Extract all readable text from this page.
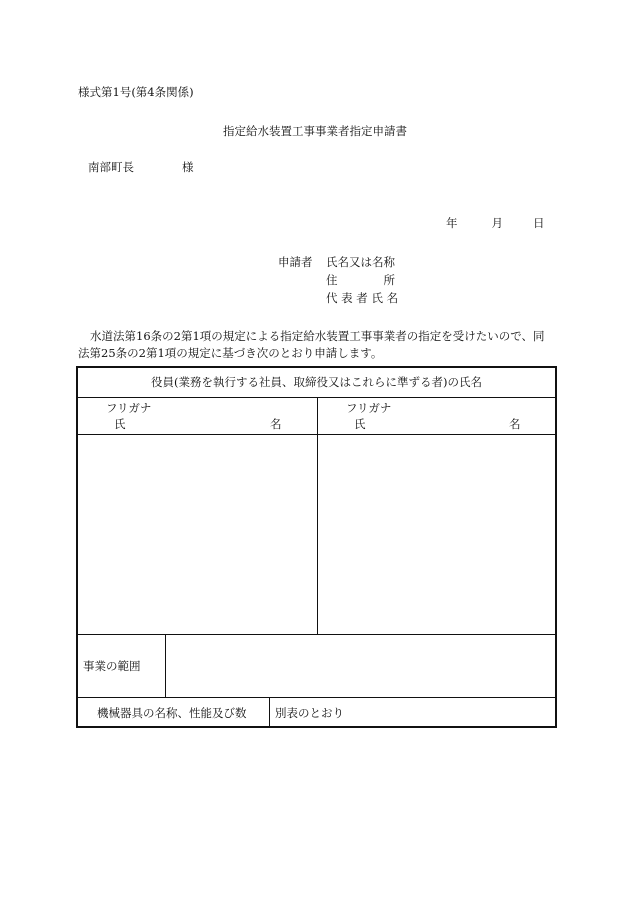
様式第1号(第4条関係)
指定給水装置工事事業者指定申請書
南部町長	様
年	月	日
申請者 氏名又は名称
住	所
代 表 者 氏 名
水道法第16条の2第1項の規定による指定給水装置工事事業者の指定を受けたいので、同法第25条の2第1項の規定に基づき次のとおり申請します。
役員(業務を執行する社員、取締役又はこれらに準ずる者)の氏名
フリガナ
氏	名
フリガナ
氏	名
事業の範囲
機械器具の名称、性能及び数 別表のとおり
